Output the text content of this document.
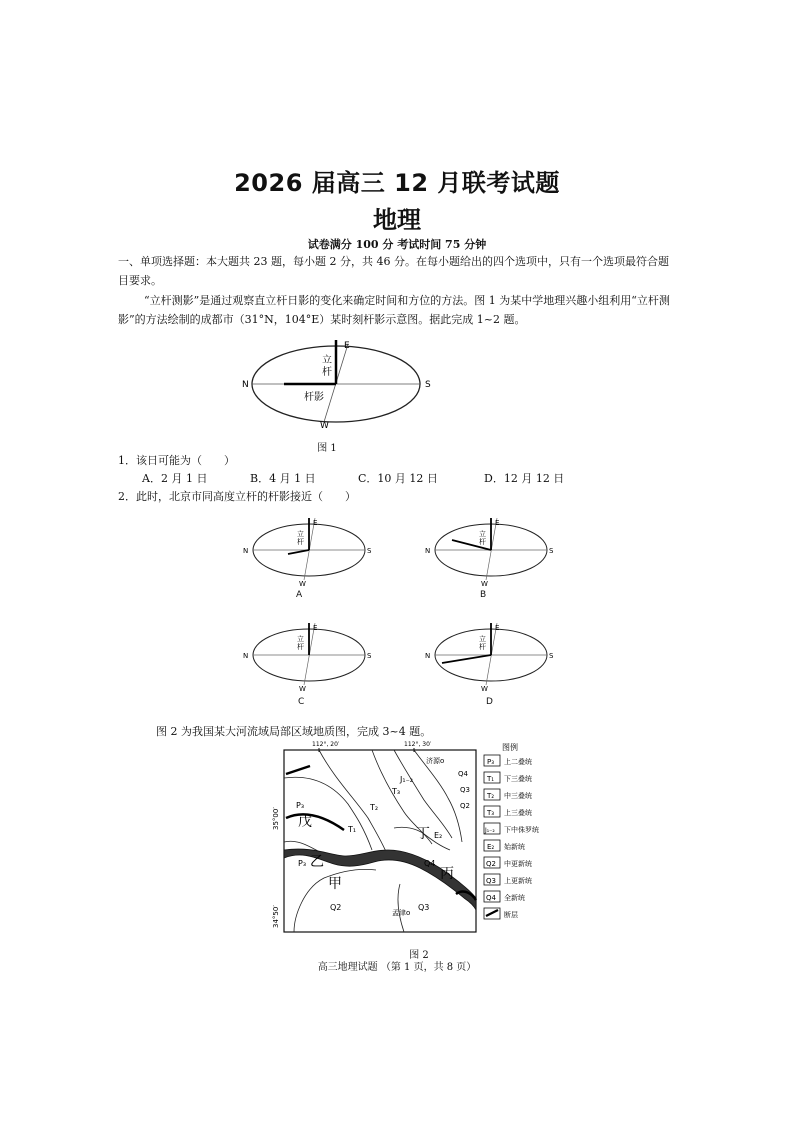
2026 届高三 12 月联考试题
地理
试卷满分 100 分 考试时间 75 分钟
一、单项选择题：本大题共 23 题，每小题 2 分，共 46 分。在每小题给出的四个选项中，只有一个选项最符合题目要求。
“立杆测影”是通过观察直立杆日影的变化来确定时间和方位的方法。图 1 为某中学地理兴趣小组利用“立杆测影”的方法绘制的成都市（31°N，104°E）某时刻杆影示意图。据此完成 1~2 题。
N	S
E
W
立
杆
杆影
图 1
1．该日可能为（　　）
A．2 月 1 日	B．4 月 1 日	C．10 月 12 日	D．12 月 12 日
2．此时，北京市同高度立杆的杆影接近（　　）
N	S
E
W
立
杆
A
N	S
E
W
立
杆
B
N	S
E
W
立
杆
C
N	S
E
W
立
杆
D
图 2 为我国某大河流域局部区域地质图，完成 3~4 题。
112°, 20′	112°, 30′
35°00′
34°50′
济源o
孟津o
戊
乙
甲
丁
丙
P₃
P₃
T₁
T₂
T₃
J₁₋₂
E₂
Q2
Q2
Q3
Q3
Q4
Q4
图例
P₃ 上二叠统
T₁ 下三叠统
T₂ 中三叠统
T₃ 上三叠统
J₁₋₂ 下中侏罗统
E₂ 始新统
Q2 中更新统
Q3 上更新统
Q4 全新统
断层
图 2
高三地理试题 （第 1 页，共 8 页）
